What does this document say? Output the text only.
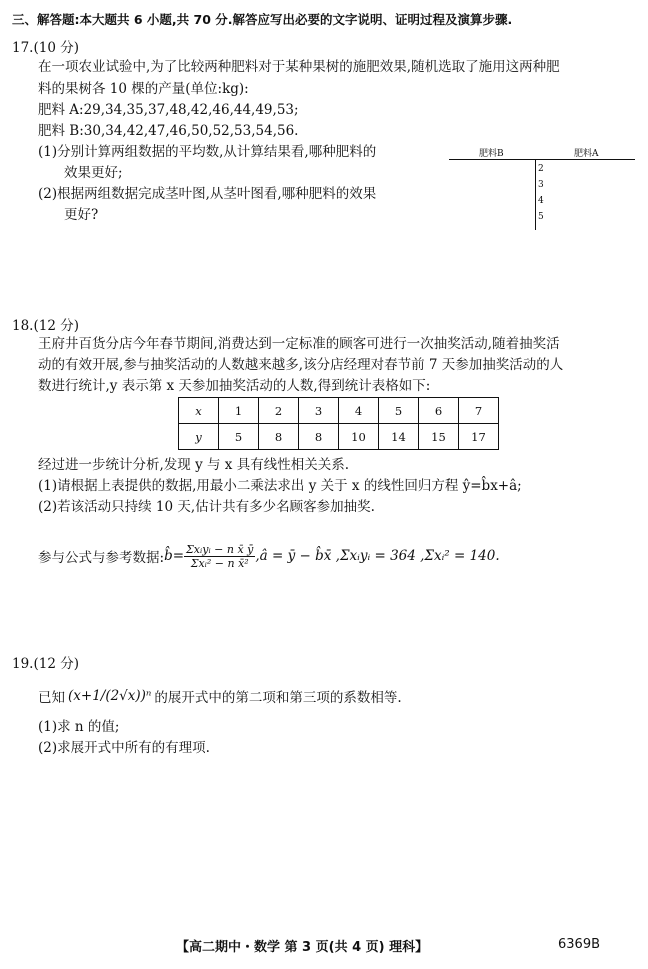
三、解答题:本大题共 6 小题,共 70 分.解答应写出必要的文字说明、证明过程及演算步骤.
17.(10 分)
在一项农业试验中,为了比较两种肥料对于某种果树的施肥效果,随机选取了施用这两种肥
料的果树各 10 棵的产量(单位:kg):
肥料 A:29,34,35,37,48,42,46,44,49,53;
肥料 B:30,34,42,47,46,50,52,53,54,56.
(1)分别计算两组数据的平均数,从计算结果看,哪种肥料的
效果更好;
(2)根据两组数据完成茎叶图,从茎叶图看,哪种肥料的效果
更好?
肥料B	肥料A
2
3
4
5
18.(12 分)
王府井百货分店今年春节期间,消费达到一定标准的顾客可进行一次抽奖活动,随着抽奖活
动的有效开展,参与抽奖活动的人数越来越多,该分店经理对春节前 7 天参加抽奖活动的人
数进行统计,y 表示第 x 天参加抽奖活动的人数,得到统计表格如下:
x	1	2	3	4	5	6	7
y	5	8	8	10	14	15	17
经过进一步统计分析,发现 y 与 x 具有线性相关关系.
(1)请根据上表提供的数据,用最小二乘法求出 y 关于 x 的线性回归方程 ŷ=b̂x+â;
(2)若该活动只持续 10 天,估计共有多少名顾客参加抽奖.
参与公式与参考数据: b̂= $\frac{\text{Σxᵢyᵢ − n x̄ ȳ}}{\text{Σxᵢ² − n x̄²}}$ ,â = ȳ − b̂x̄ ,Σxᵢyᵢ = 364 ,Σxᵢ² = 140.
19.(12 分)
已知 (x+1/(2√x))ⁿ 的展开式中的第二项和第三项的系数相等.
(1)求 n 的值;
(2)求展开式中所有的有理项.
【高二期中・数学 第 3 页(共 4 页) 理科】	6369B
